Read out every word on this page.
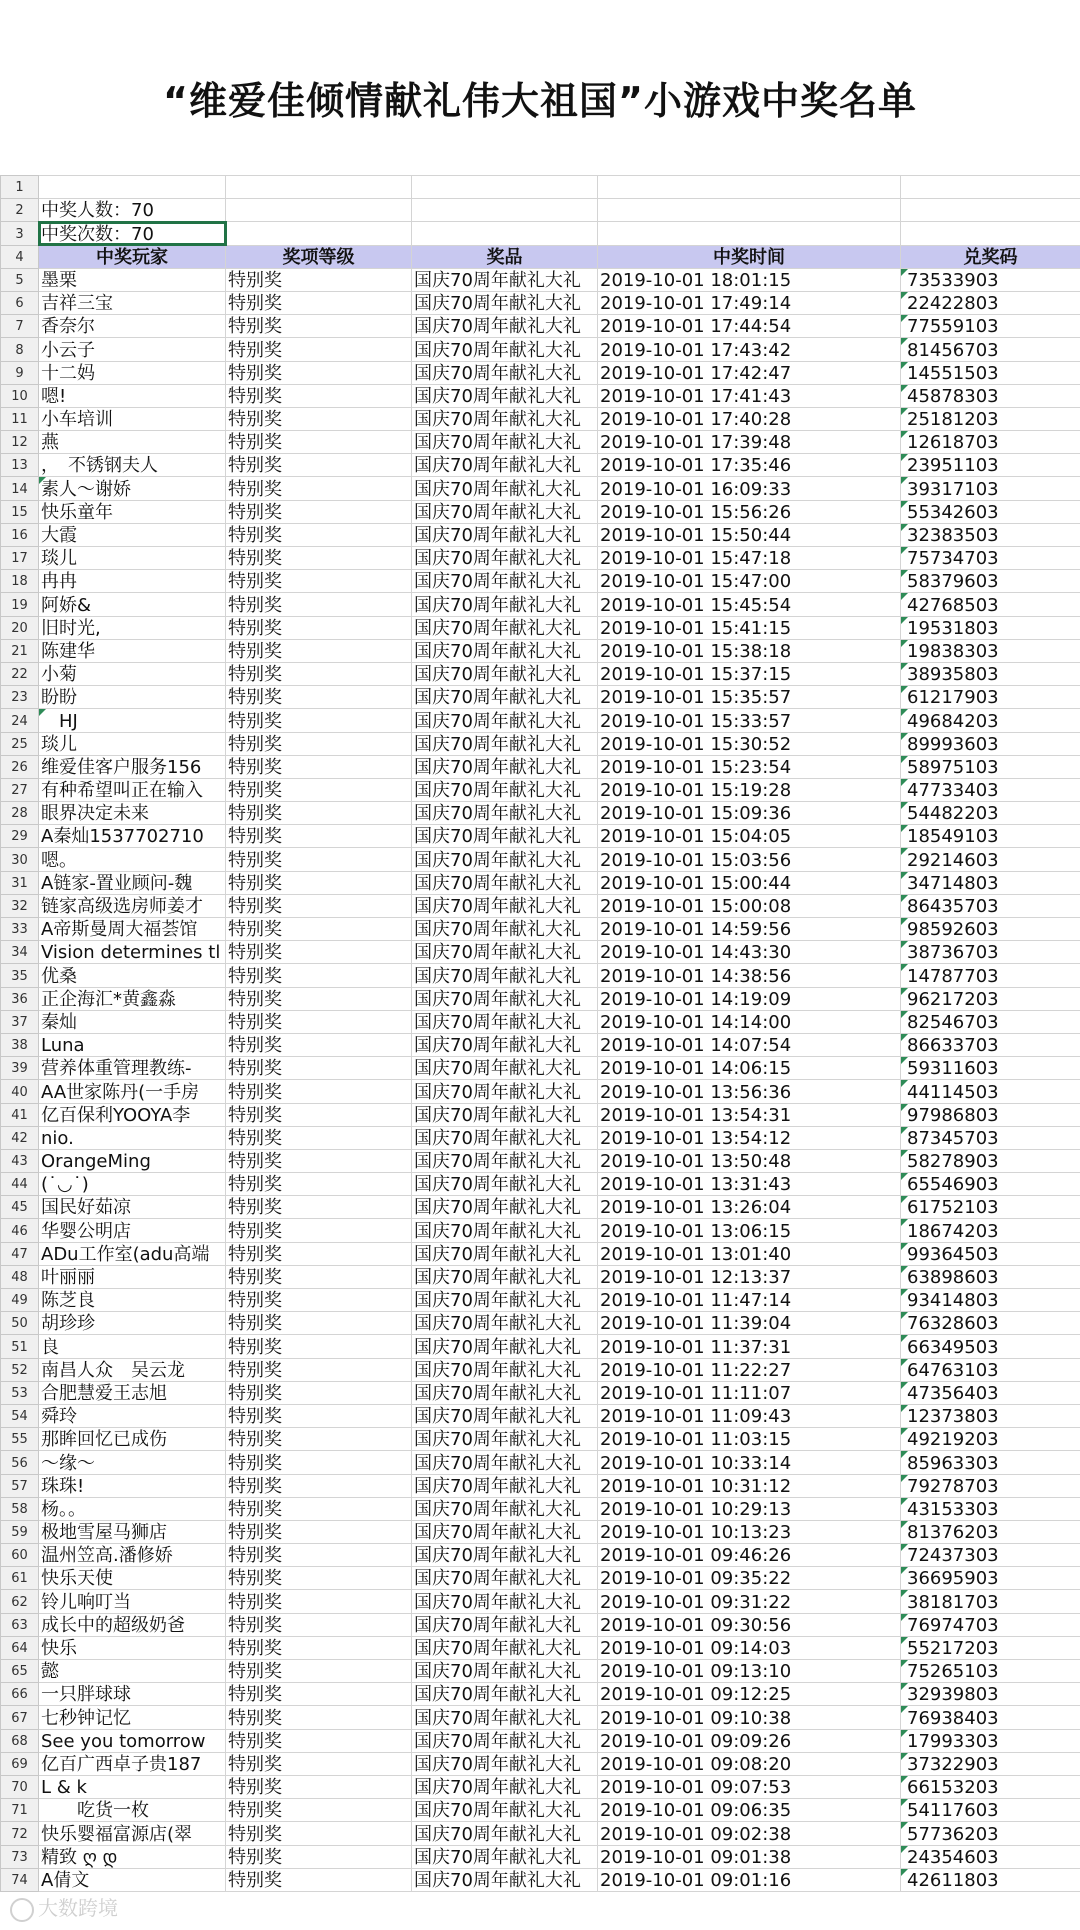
“维爱佳倾情献礼伟大祖国”小游戏中奖名单
1					
2	中奖人数：70				
3	中奖次数：70				
4	中奖玩家	奖项等级	奖品	中奖时间	兑奖码
5	墨栗	特别奖	国庆70周年献礼大礼	2019-10-01 18:01:15	73533903
6	吉祥三宝	特别奖	国庆70周年献礼大礼	2019-10-01 17:49:14	22422803
7	香奈尔	特别奖	国庆70周年献礼大礼	2019-10-01 17:44:54	77559103
8	小云子	特别奖	国庆70周年献礼大礼	2019-10-01 17:43:42	81456703
9	十二妈	特别奖	国庆70周年献礼大礼	2019-10-01 17:42:47	14551503
10	嗯!	特别奖	国庆70周年献礼大礼	2019-10-01 17:41:43	45878303
11	小车培训	特别奖	国庆70周年献礼大礼	2019-10-01 17:40:28	25181203
12	燕	特别奖	国庆70周年献礼大礼	2019-10-01 17:39:48	12618703
13	，　不锈钢夫人	特别奖	国庆70周年献礼大礼	2019-10-01 17:35:46	23951103
14	素人～谢娇	特别奖	国庆70周年献礼大礼	2019-10-01 16:09:33	39317103
15	快乐童年	特别奖	国庆70周年献礼大礼	2019-10-01 15:56:26	55342603
16	大霞	特别奖	国庆70周年献礼大礼	2019-10-01 15:50:44	32383503
17	琰儿	特别奖	国庆70周年献礼大礼	2019-10-01 15:47:18	75734703
18	冉冉	特别奖	国庆70周年献礼大礼	2019-10-01 15:47:00	58379603
19	阿娇&	特别奖	国庆70周年献礼大礼	2019-10-01 15:45:54	42768503
20	旧时光,	特别奖	国庆70周年献礼大礼	2019-10-01 15:41:15	19531803
21	陈建华	特别奖	国庆70周年献礼大礼	2019-10-01 15:38:18	19838303
22	小菊	特别奖	国庆70周年献礼大礼	2019-10-01 15:37:15	38935803
23	盼盼	特别奖	国庆70周年献礼大礼	2019-10-01 15:35:57	61217903
24	　HJ	特别奖	国庆70周年献礼大礼	2019-10-01 15:33:57	49684203
25	琰儿	特别奖	国庆70周年献礼大礼	2019-10-01 15:30:52	89993603
26	维爱佳客户服务156	特别奖	国庆70周年献礼大礼	2019-10-01 15:23:54	58975103
27	有种希望叫正在输入	特别奖	国庆70周年献礼大礼	2019-10-01 15:19:28	47733403
28	眼界决定未来	特别奖	国庆70周年献礼大礼	2019-10-01 15:09:36	54482203
29	A秦灿1537702710	特别奖	国庆70周年献礼大礼	2019-10-01 15:04:05	18549103
30	嗯。	特别奖	国庆70周年献礼大礼	2019-10-01 15:03:56	29214603
31	A链家-置业顾问-魏	特别奖	国庆70周年献礼大礼	2019-10-01 15:00:44	34714803
32	链家高级选房师姜才	特别奖	国庆70周年献礼大礼	2019-10-01 15:00:08	86435703
33	A帝斯曼周大福荟馆	特别奖	国庆70周年献礼大礼	2019-10-01 14:59:56	98592603
34	Vision determines tl	特别奖	国庆70周年献礼大礼	2019-10-01 14:43:30	38736703
35	优桑	特别奖	国庆70周年献礼大礼	2019-10-01 14:38:56	14787703
36	正企海汇*黄鑫淼	特别奖	国庆70周年献礼大礼	2019-10-01 14:19:09	96217203
37	秦灿	特别奖	国庆70周年献礼大礼	2019-10-01 14:14:00	82546703
38	Luna	特别奖	国庆70周年献礼大礼	2019-10-01 14:07:54	86633703
39	营养体重管理教练-	特别奖	国庆70周年献礼大礼	2019-10-01 14:06:15	59311603
40	AA世家陈丹(一手房	特别奖	国庆70周年献礼大礼	2019-10-01 13:56:36	44114503
41	亿百保利YOOYA李	特别奖	国庆70周年献礼大礼	2019-10-01 13:54:31	97986803
42	nio.	特别奖	国庆70周年献礼大礼	2019-10-01 13:54:12	87345703
43	OrangeMing	特别奖	国庆70周年献礼大礼	2019-10-01 13:50:48	58278903
44	(˙◡˙)	特别奖	国庆70周年献礼大礼	2019-10-01 13:31:43	65546903
45	国民好茹凉	特别奖	国庆70周年献礼大礼	2019-10-01 13:26:04	61752103
46	华婴公明店	特别奖	国庆70周年献礼大礼	2019-10-01 13:06:15	18674203
47	ADu工作室(adu高端	特别奖	国庆70周年献礼大礼	2019-10-01 13:01:40	99364503
48	叶丽丽	特别奖	国庆70周年献礼大礼	2019-10-01 12:13:37	63898603
49	陈芝良	特别奖	国庆70周年献礼大礼	2019-10-01 11:47:14	93414803
50	胡珍珍	特别奖	国庆70周年献礼大礼	2019-10-01 11:39:04	76328603
51	良	特别奖	国庆70周年献礼大礼	2019-10-01 11:37:31	66349503
52	南昌人众　吴云龙	特别奖	国庆70周年献礼大礼	2019-10-01 11:22:27	64763103
53	合肥慧爱王志旭	特别奖	国庆70周年献礼大礼	2019-10-01 11:11:07	47356403
54	舜玲	特别奖	国庆70周年献礼大礼	2019-10-01 11:09:43	12373803
55	那眸回忆已成伤	特别奖	国庆70周年献礼大礼	2019-10-01 11:03:15	49219203
56	～缘～	特别奖	国庆70周年献礼大礼	2019-10-01 10:33:14	85963303
57	珠珠!	特别奖	国庆70周年献礼大礼	2019-10-01 10:31:12	79278703
58	杨。。	特别奖	国庆70周年献礼大礼	2019-10-01 10:29:13	43153303
59	极地雪屋马狮店	特别奖	国庆70周年献礼大礼	2019-10-01 10:13:23	81376203
60	温州笠高.潘修娇	特别奖	国庆70周年献礼大礼	2019-10-01 09:46:26	72437303
61	快乐天使	特别奖	国庆70周年献礼大礼	2019-10-01 09:35:22	36695903
62	铃儿响叮当	特别奖	国庆70周年献礼大礼	2019-10-01 09:31:22	38181703
63	成长中的超级奶爸	特别奖	国庆70周年献礼大礼	2019-10-01 09:30:56	76974703
64	快乐	特别奖	国庆70周年献礼大礼	2019-10-01 09:14:03	55217203
65	懿	特别奖	国庆70周年献礼大礼	2019-10-01 09:13:10	75265103
66	一只胖球球	特别奖	国庆70周年献礼大礼	2019-10-01 09:12:25	32939803
67	七秒钟记忆	特别奖	国庆70周年献礼大礼	2019-10-01 09:10:38	76938403
68	See you tomorrow	特别奖	国庆70周年献礼大礼	2019-10-01 09:09:26	17993303
69	亿百广西卓子贵187	特别奖	国庆70周年献礼大礼	2019-10-01 09:08:20	37322903
70	L & k	特别奖	国庆70周年献礼大礼	2019-10-01 09:07:53	66153203
71	　　吃货一枚	特别奖	国庆70周年献礼大礼	2019-10-01 09:06:35	54117603
72	快乐婴福富源店(翠	特别奖	国庆70周年献礼大礼	2019-10-01 09:02:38	57736203
73	精致 ღ დ	特别奖	国庆70周年献礼大礼	2019-10-01 09:01:38	24354603
74	A倩文	特别奖	国庆70周年献礼大礼	2019-10-01 09:01:16	42611803
大数跨境
